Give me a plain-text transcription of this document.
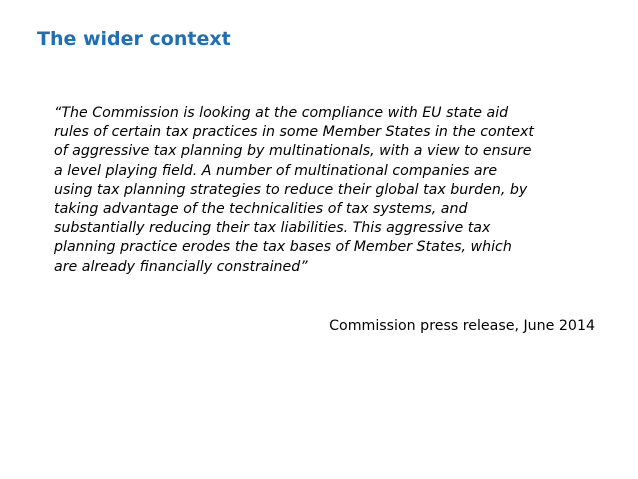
The wider context
“The Commission is looking at the compliance with EU state aid
rules of certain tax practices in some Member States in the context
of aggressive tax planning by multinationals, with a view to ensure
a level playing field. A number of multinational companies are
using tax planning strategies to reduce their global tax burden, by
taking advantage of the technicalities of tax systems, and
substantially reducing their tax liabilities. This aggressive tax
planning practice erodes the tax bases of Member States, which
are already financially constrained”

Commission press release, June 2014
